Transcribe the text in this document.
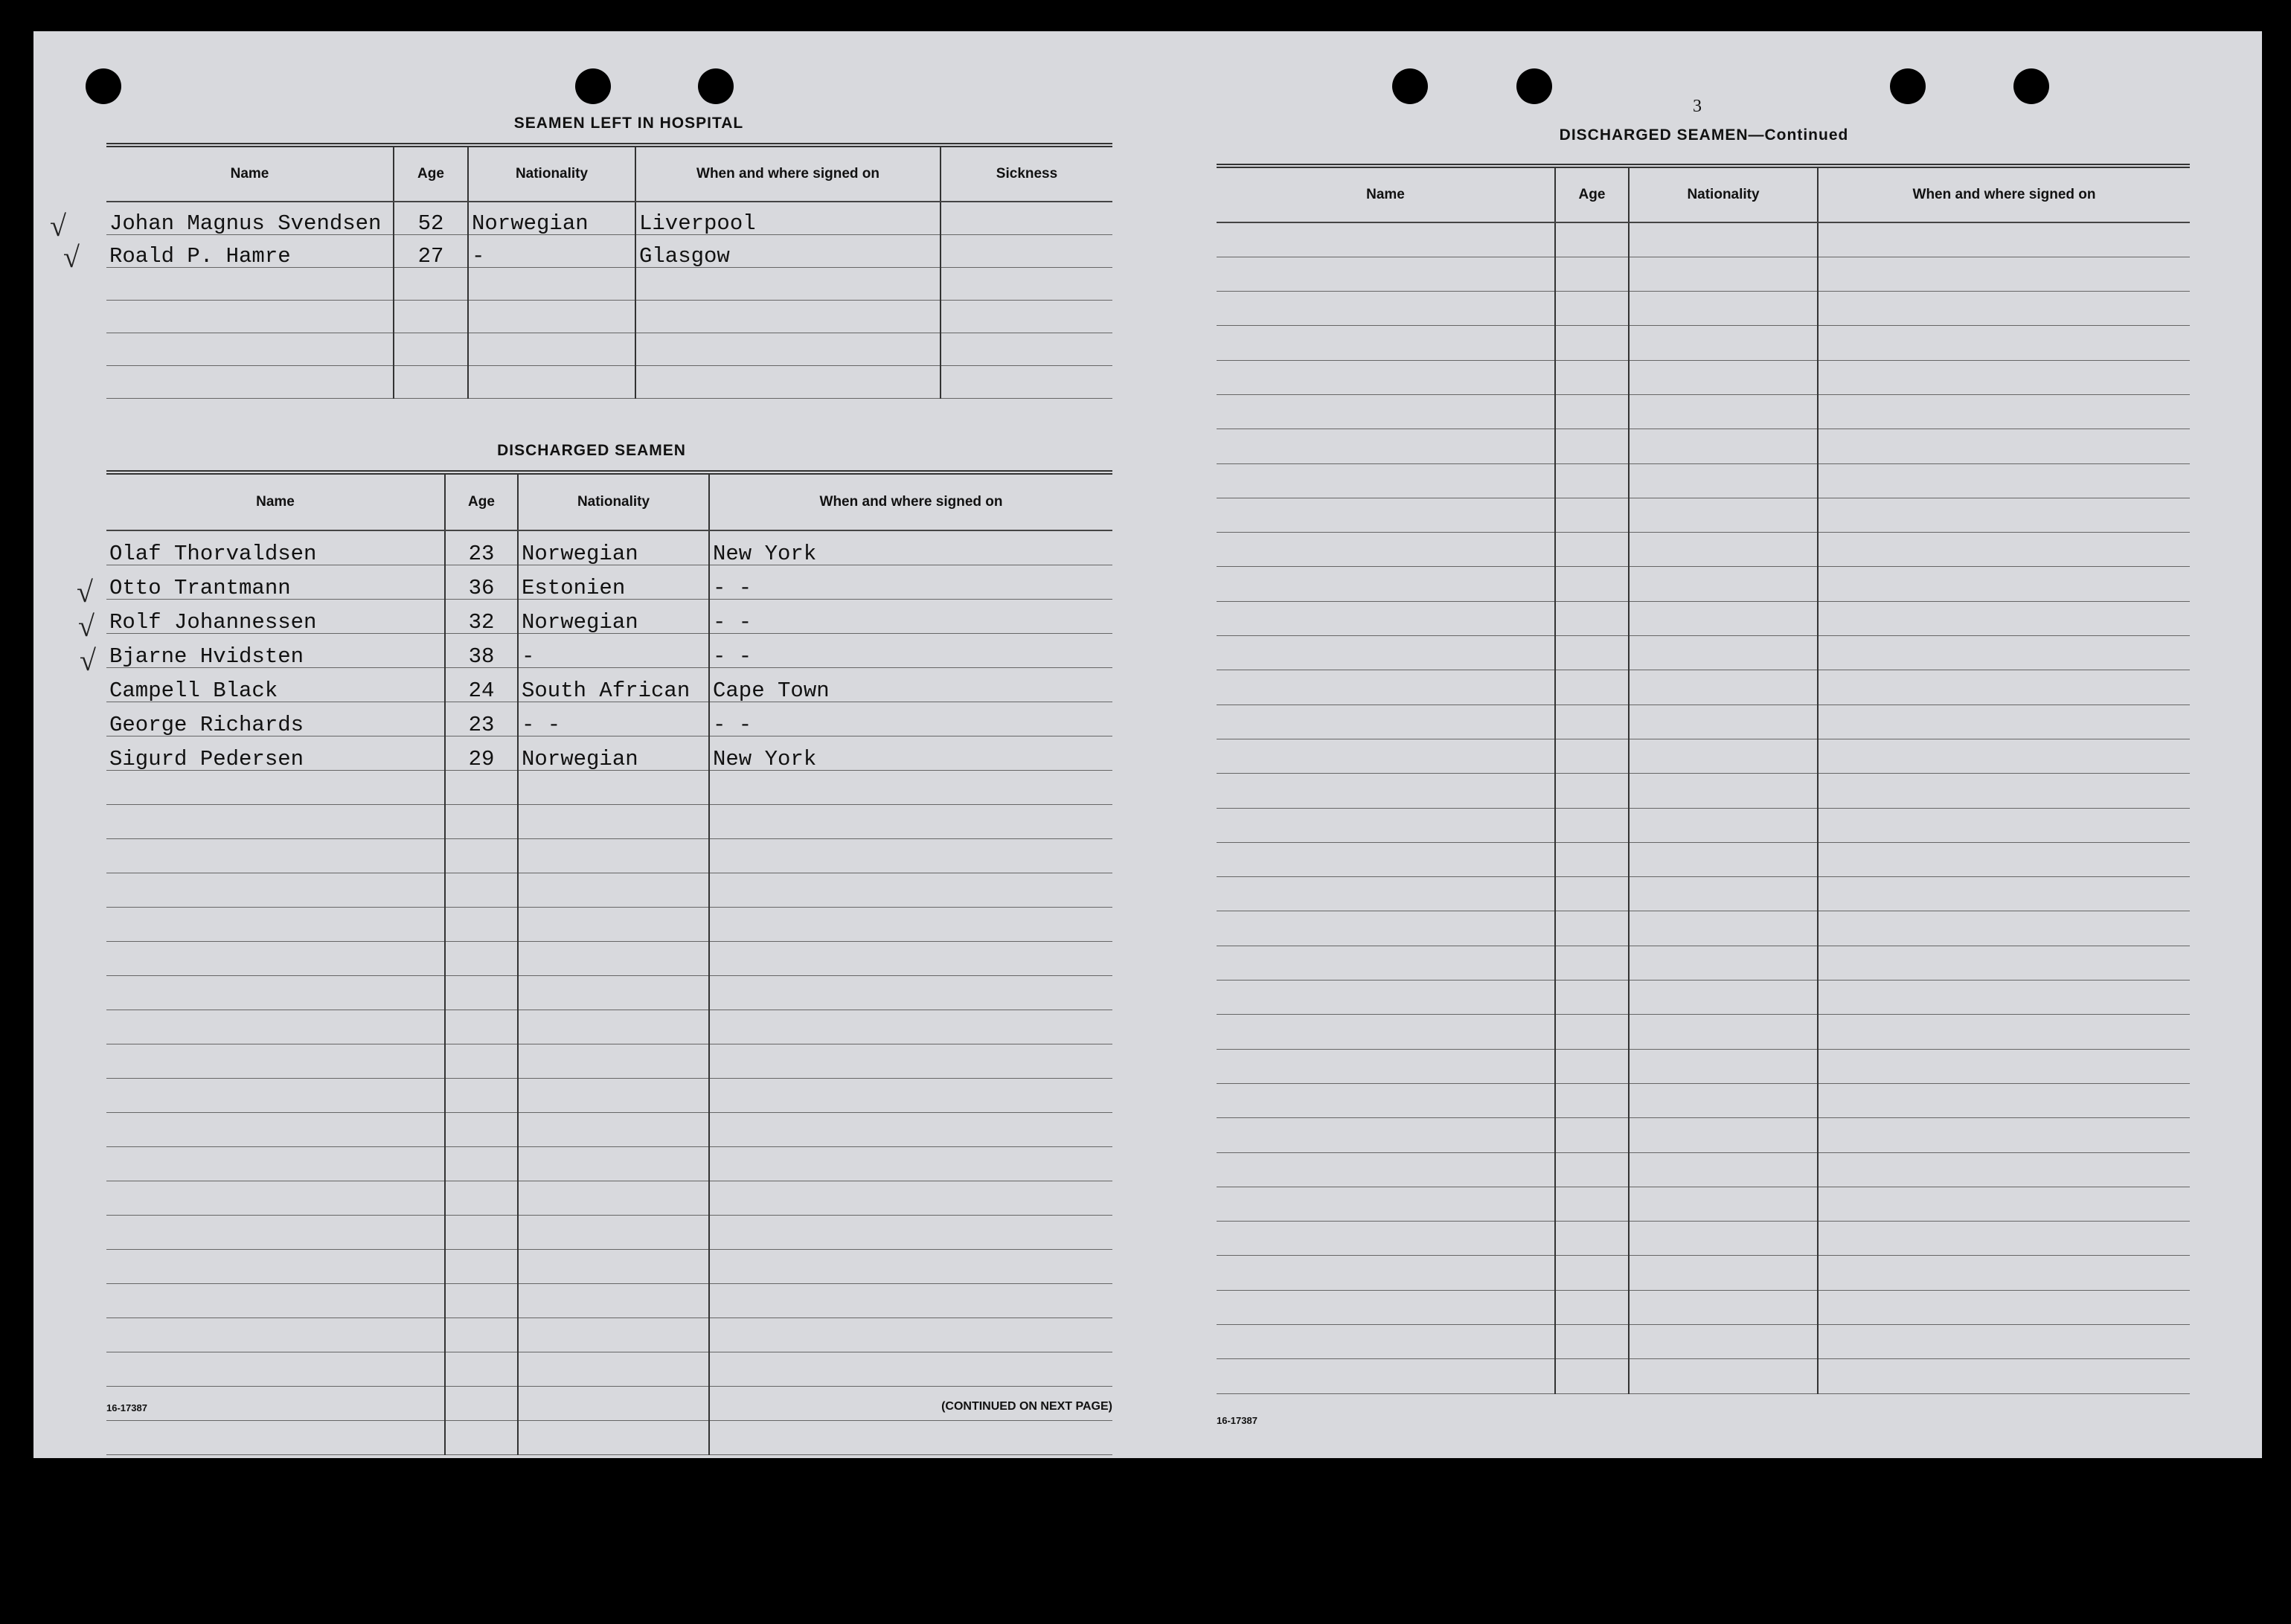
SEAMEN LEFT IN HOSPITAL
Name	Age	Nationality	When and where signed on	Sickness
Johan Magnus Svendsen	52	Norwegian	Liverpool	
Roald P. Hamre	27	-	Glasgow	

DISCHARGED SEAMEN
Name	Age	Nationality	When and where signed on
Olaf Thorvaldsen	23	Norwegian	New York
Otto Trantmann	36	Estonien	- -
Rolf Johannessen	32	Norwegian	- -
Bjarne Hvidsten	38	-	- -
Campell Black	24	South African	Cape Town
George Richards	23	- -	- -
Sigurd Pedersen	29	Norwegian	New York

16-17387	(CONTINUED ON NEXT PAGE)
√
√
√
√
√
3
DISCHARGED SEAMEN—Continued
Name	Age	Nationality	When and where signed on

16-17387
